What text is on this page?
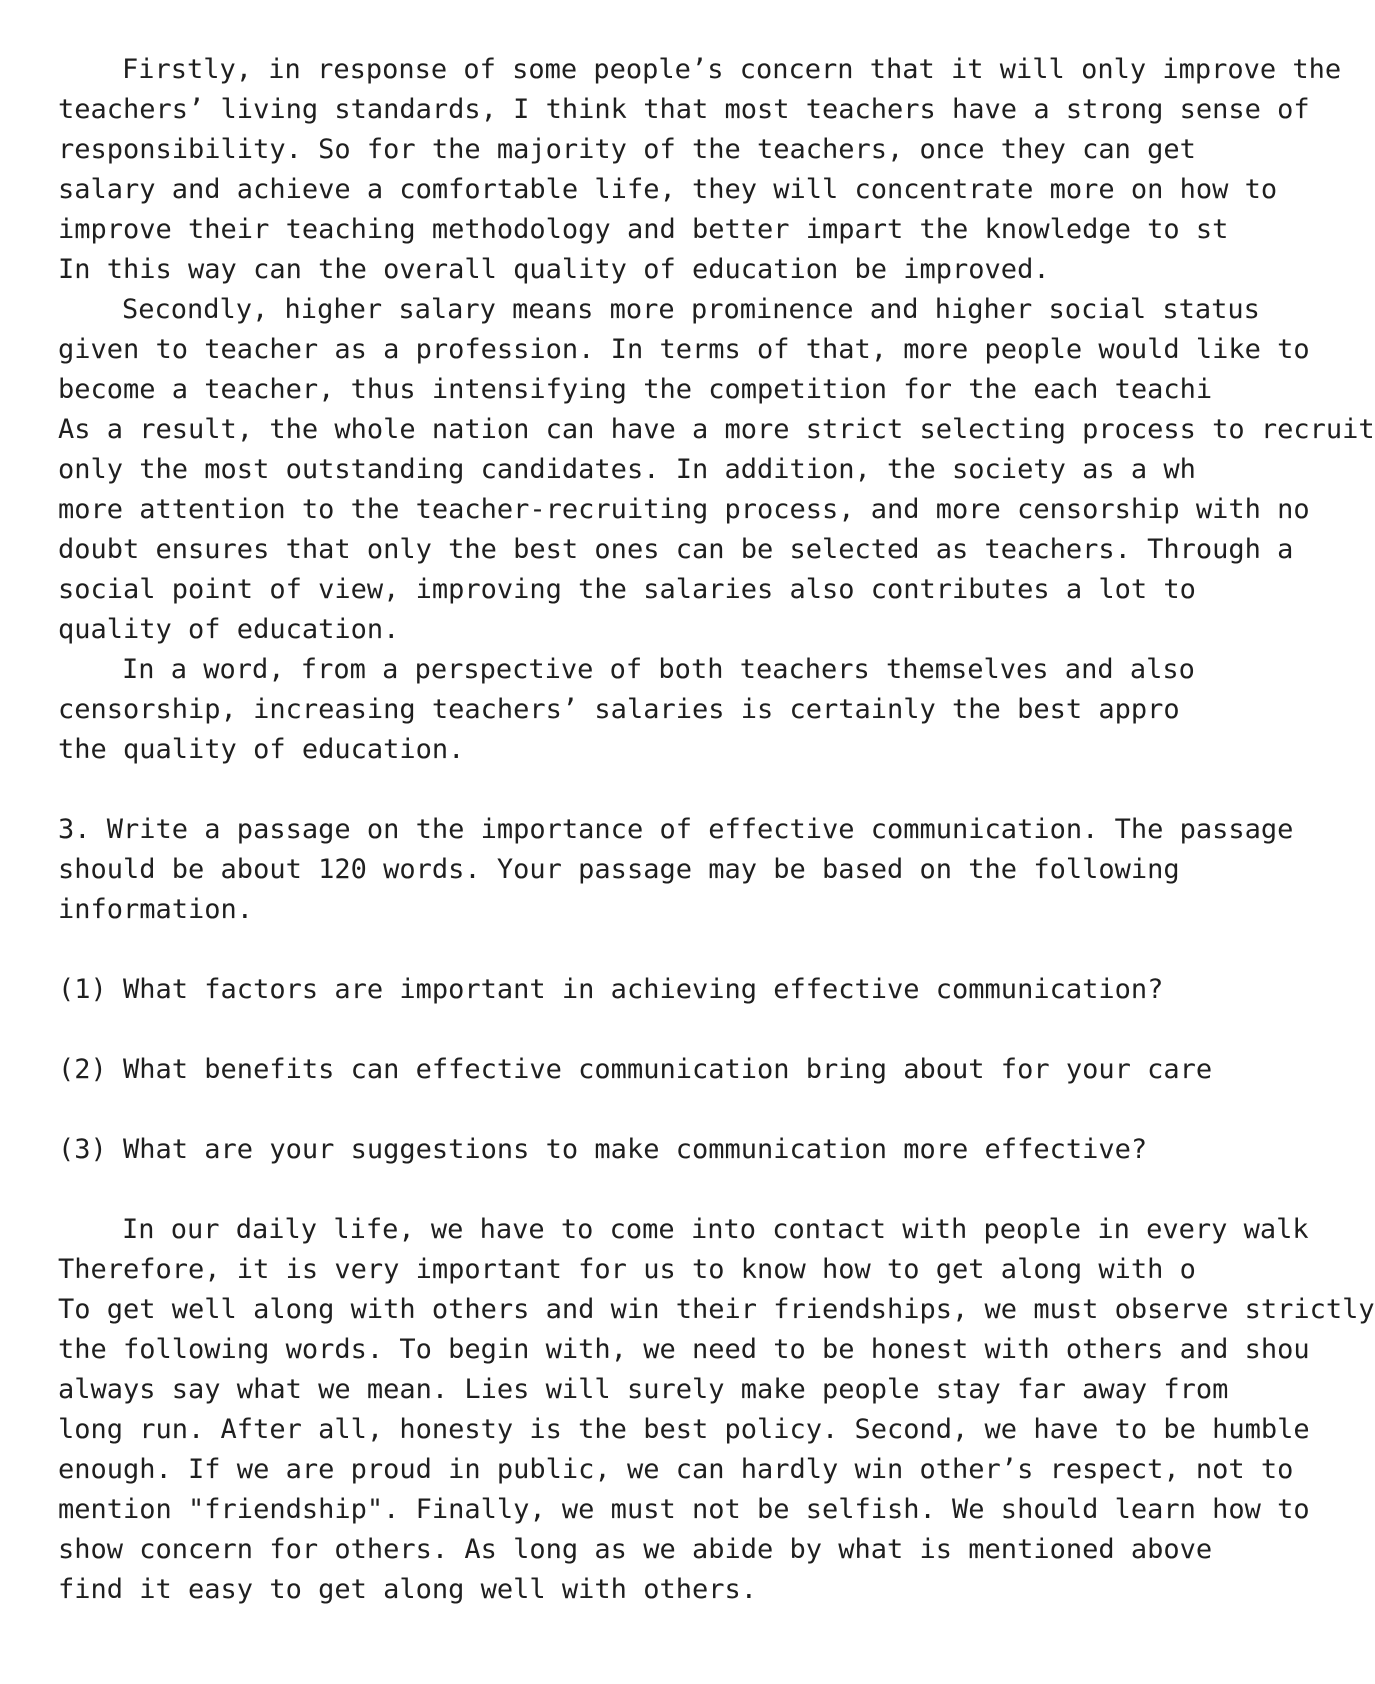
Firstly, in response of some people’s concern that it will only improve the
teachers’ living standards, I think that most teachers have a strong sense of
responsibility. So for the majority of the teachers, once they can get
salary and achieve a comfortable life, they will concentrate more on how to
improve their teaching methodology and better impart the knowledge to st
In this way can the overall quality of education be improved.
Secondly, higher salary means more prominence and higher social status
given to teacher as a profession. In terms of that, more people would like to
become a teacher, thus intensifying the competition for the each teachi
As a result, the whole nation can have a more strict selecting process to recruit
only the most outstanding candidates. In addition, the society as a wh
more attention to the teacher-recruiting process, and more censorship with no
doubt ensures that only the best ones can be selected as teachers. Through a
social point of view, improving the salaries also contributes a lot to
quality of education.
In a word, from a perspective of both teachers themselves and also
censorship, increasing teachers’ salaries is certainly the best appro
the quality of education.
3. Write a passage on the importance of effective communication. The passage
should be about 120 words. Your passage may be based on the following
information.
(1) What factors are important in achieving effective communication?
(2) What benefits can effective communication bring about for your care
(3) What are your suggestions to make communication more effective?
In our daily life, we have to come into contact with people in every walk
Therefore, it is very important for us to know how to get along with o
To get well along with others and win their friendships, we must observe strictly
the following words. To begin with, we need to be honest with others and shou
always say what we mean. Lies will surely make people stay far away from
long run. After all, honesty is the best policy. Second, we have to be humble
enough. If we are proud in public, we can hardly win other’s respect, not to
mention "friendship". Finally, we must not be selfish. We should learn how to
show concern for others. As long as we abide by what is mentioned above
find it easy to get along well with others.
